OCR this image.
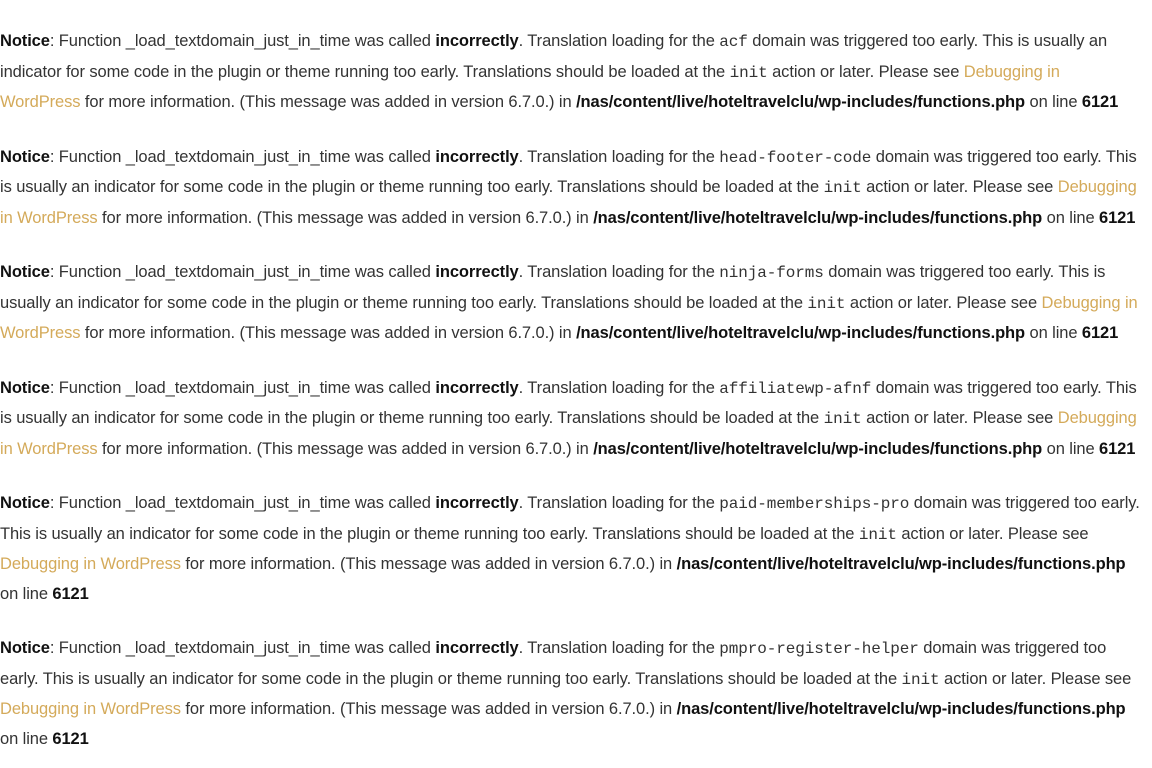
Notice: Function _load_textdomain_just_in_time was called incorrectly. Translation loading for the acf domain was triggered too early. This is usually an indicator for some code in the plugin or theme running too early. Translations should be loaded at the init action or later. Please see Debugging in WordPress for more information. (This message was added in version 6.7.0.) in /nas/content/live/hoteltravelclu/wp-includes/functions.php on line 6121

Notice: Function _load_textdomain_just_in_time was called incorrectly. Translation loading for the head-footer-code domain was triggered too early. This is usually an indicator for some code in the plugin or theme running too early. Translations should be loaded at the init action or later. Please see Debugging in WordPress for more information. (This message was added in version 6.7.0.) in /nas/content/live/hoteltravelclu/wp-includes/functions.php on line 6121

Notice: Function _load_textdomain_just_in_time was called incorrectly. Translation loading for the ninja-forms domain was triggered too early. This is usually an indicator for some code in the plugin or theme running too early. Translations should be loaded at the init action or later. Please see Debugging in WordPress for more information. (This message was added in version 6.7.0.) in /nas/content/live/hoteltravelclu/wp-includes/functions.php on line 6121

Notice: Function _load_textdomain_just_in_time was called incorrectly. Translation loading for the affiliatewp-afnf domain was triggered too early. This is usually an indicator for some code in the plugin or theme running too early. Translations should be loaded at the init action or later. Please see Debugging in WordPress for more information. (This message was added in version 6.7.0.) in /nas/content/live/hoteltravelclu/wp-includes/functions.php on line 6121

Notice: Function _load_textdomain_just_in_time was called incorrectly. Translation loading for the paid-memberships-pro domain was triggered too early. This is usually an indicator for some code in the plugin or theme running too early. Translations should be loaded at the init action or later. Please see Debugging in WordPress for more information. (This message was added in version 6.7.0.) in /nas/content/live/hoteltravelclu/wp-includes/functions.php on line 6121

Notice: Function _load_textdomain_just_in_time was called incorrectly. Translation loading for the pmpro-register-helper domain was triggered too early. This is usually an indicator for some code in the plugin or theme running too early. Translations should be loaded at the init action or later. Please see Debugging in WordPress for more information. (This message was added in version 6.7.0.) in /nas/content/live/hoteltravelclu/wp-includes/functions.php on line 6121
